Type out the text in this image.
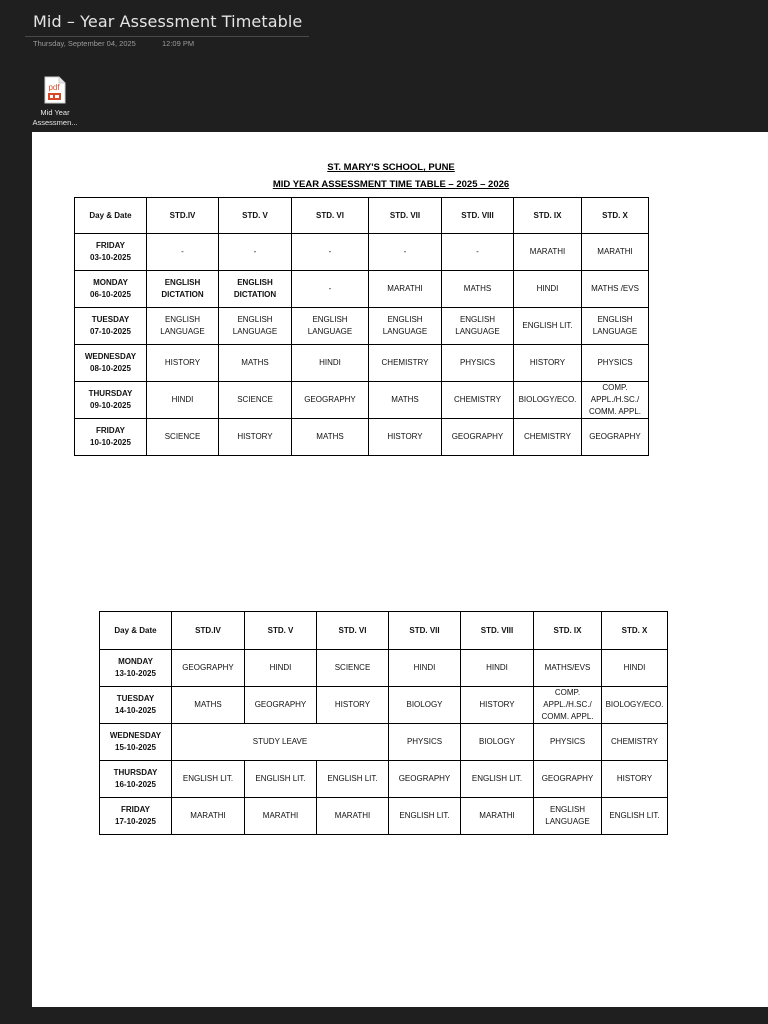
Mid – Year Assessment Timetable
Thursday, September 04, 2025	12:09 PM
pdf
Mid Year
Assessmen...
ST. MARY'S SCHOOL, PUNE
MID YEAR ASSESSMENT TIME TABLE – 2025 – 2026
Day & Date	STD.IV	STD. V	STD. VI	STD. VII	STD. VIII	STD. IX	STD. X

FRIDAY
03-10-2025	-	-	-	-	-	MARATHI	MARATHI

MONDAY
06-10-2025	ENGLISH DICTATION	ENGLISH DICTATION	-	MARATHI	MATHS	HINDI	MATHS /EVS

TUESDAY
07-10-2025	ENGLISH LANGUAGE	ENGLISH LANGUAGE	ENGLISH LANGUAGE	ENGLISH LANGUAGE	ENGLISH LANGUAGE	ENGLISH LIT.	ENGLISH LANGUAGE

WEDNESDAY
08-10-2025	HISTORY	MATHS	HINDI	CHEMISTRY	PHYSICS	HISTORY	PHYSICS

THURSDAY
09-10-2025	HINDI	SCIENCE	GEOGRAPHY	MATHS	CHEMISTRY	BIOLOGY/ECO.	COMP. APPL./H.SC./ COMM. APPL.

FRIDAY
10-10-2025	SCIENCE	HISTORY	MATHS	HISTORY	GEOGRAPHY	CHEMISTRY	GEOGRAPHY
Day & Date	STD.IV	STD. V	STD. VI	STD. VII	STD. VIII	STD. IX	STD. X

MONDAY
13-10-2025	GEOGRAPHY	HINDI	SCIENCE	HINDI	HINDI	MATHS/EVS	HINDI

TUESDAY
14-10-2025	MATHS	GEOGRAPHY	HISTORY	BIOLOGY	HISTORY	COMP. APPL./H.SC./ COMM. APPL.	BIOLOGY/ECO.

WEDNESDAY
15-10-2025	STUDY LEAVE			PHYSICS	BIOLOGY	PHYSICS	CHEMISTRY

THURSDAY
16-10-2025	ENGLISH LIT.	ENGLISH LIT.	ENGLISH LIT.	GEOGRAPHY	ENGLISH LIT.	GEOGRAPHY	HISTORY

FRIDAY
17-10-2025	MARATHI	MARATHI	MARATHI	ENGLISH LIT.	MARATHI	ENGLISH LANGUAGE	ENGLISH LIT.
